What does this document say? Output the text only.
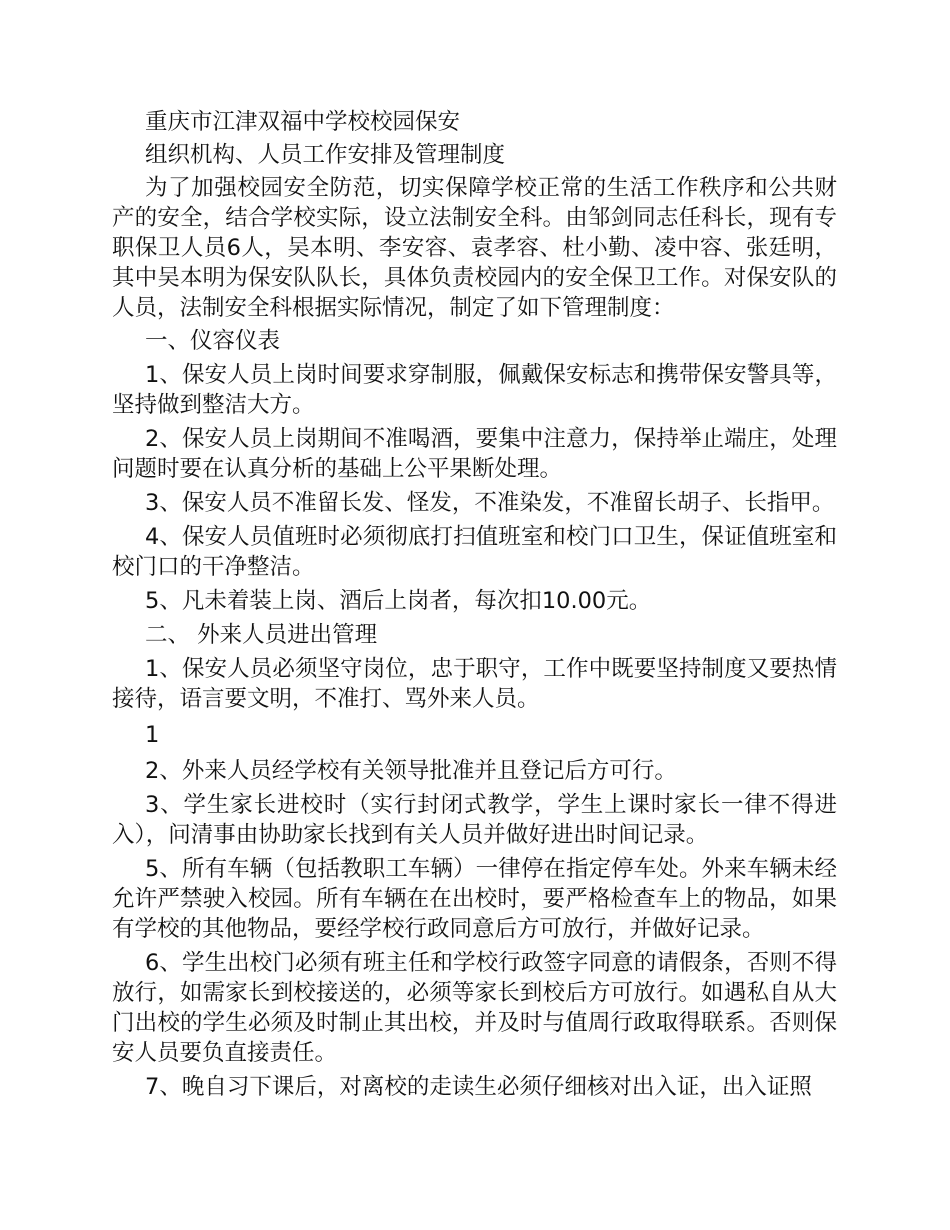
重庆市江津双福中学校校园保安
组织机构、人员工作安排及管理制度
为了加强校园安全防范，切实保障学校正常的生活工作秩序和公共财产的安全，结合学校实际，设立法制安全科。由邹剑同志任科长，现有专职保卫人员6人，吴本明、李安容、袁孝容、杜小勤、凌中容、张廷明，其中吴本明为保安队队长，具体负责校园内的安全保卫工作。对保安队的人员，法制安全科根据实际情况，制定了如下管理制度：
一、仪容仪表
1、保安人员上岗时间要求穿制服，佩戴保安标志和携带保安警具等，坚持做到整洁大方。
2、保安人员上岗期间不准喝酒，要集中注意力，保持举止端庄，处理问题时要在认真分析的基础上公平果断处理。
3、保安人员不准留长发、怪发，不准染发，不准留长胡子、长指甲。
4、保安人员值班时必须彻底打扫值班室和校门口卫生，保证值班室和校门口的干净整洁。
5、凡未着装上岗、酒后上岗者，每次扣10.00元。
二、 外来人员进出管理
1、保安人员必须坚守岗位，忠于职守，工作中既要坚持制度又要热情接待，语言要文明，不准打、骂外来人员。
1
2、外来人员经学校有关领导批准并且登记后方可行。
3、学生家长进校时（实行封闭式教学，学生上课时家长一律不得进入），问清事由协助家长找到有关人员并做好进出时间记录。
5、所有车辆（包括教职工车辆）一律停在指定停车处。外来车辆未经允许严禁驶入校园。所有车辆在在出校时，要严格检查车上的物品，如果有学校的其他物品，要经学校行政同意后方可放行，并做好记录。
6、学生出校门必须有班主任和学校行政签字同意的请假条，否则不得放行，如需家长到校接送的，必须等家长到校后方可放行。如遇私自从大门出校的学生必须及时制止其出校，并及时与值周行政取得联系。否则保安人员要负直接责任。
7、晚自习下课后，对离校的走读生必须仔细核对出入证，出入证照
